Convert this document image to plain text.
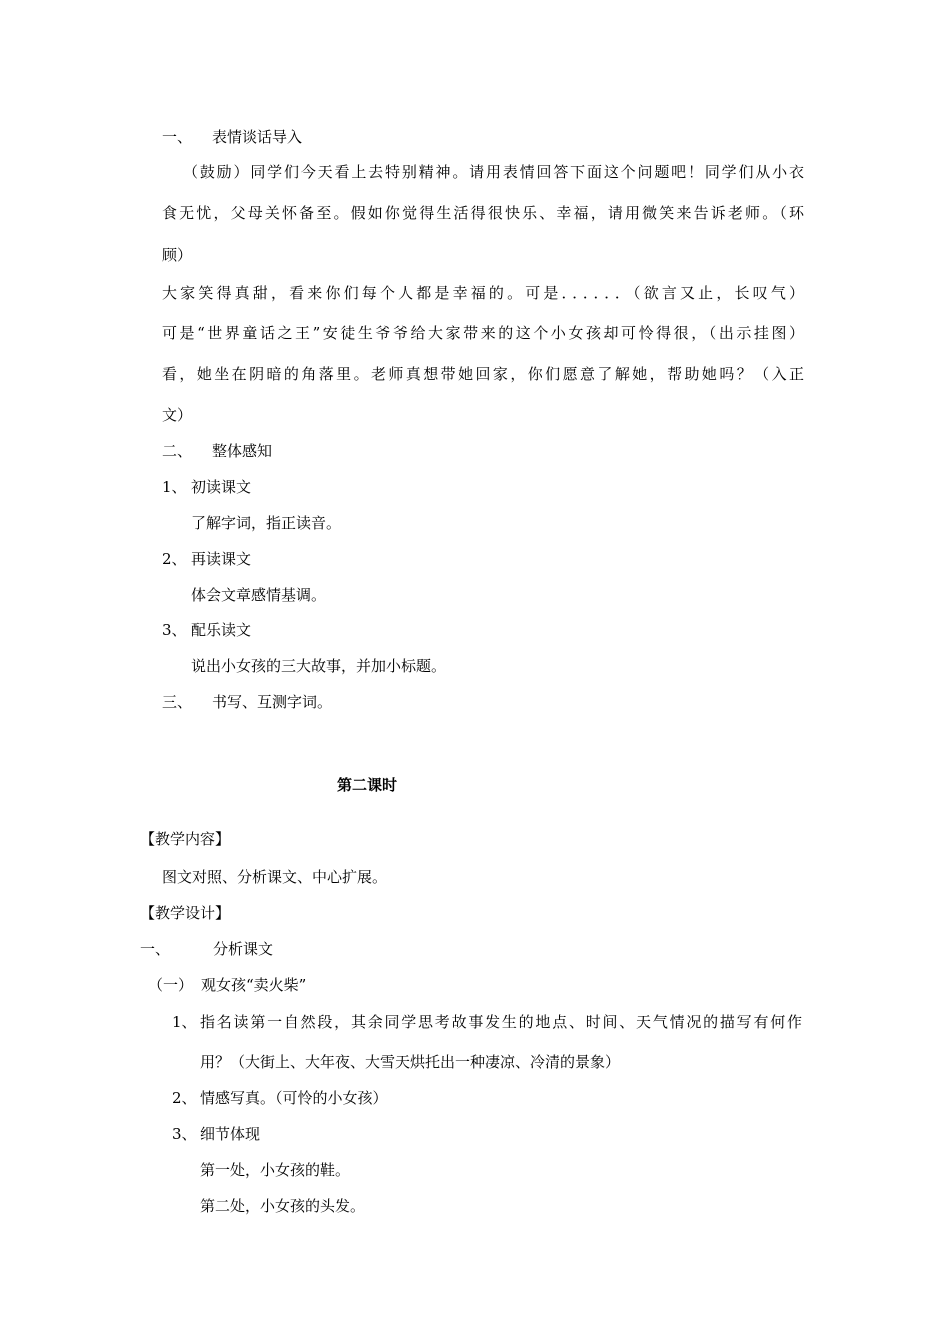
一、 表情谈话导入
（鼓励）同学们今天看上去特别精神。请用表情回答下面这个问题吧！同学们从小衣
食无忧，父母关怀备至。假如你觉得生活得很快乐、幸福，请用微笑来告诉老师。（环
顾）
大家笑得真甜，看来你们每个人都是幸福的。可是．．．．．．（欲言又止，长叹气）
可是“世界童话之王”安徒生爷爷给大家带来的这个小女孩却可怜得很，（出示挂图）
看，她坐在阴暗的角落里。老师真想带她回家，你们愿意了解她，帮助她吗？（入正
文）
二、 整体感知
1、 初读课文
了解字词，指正读音。
2、 再读课文
体会文章感情基调。
3、 配乐读文
说出小女孩的三大故事，并加小标题。
三、 书写、互测字词。
第二课时
【教学内容】
图文对照、分析课文、中心扩展。
【教学设计】
一、	分析课文
（一） 观女孩“卖火柴”
1、 指名读第一自然段，其余同学思考故事发生的地点、时间、天气情况的描写有何作
用？（大街上、大年夜、大雪天烘托出一种凄凉、冷清的景象）
2、 情感写真。（可怜的小女孩）
3、 细节体现
第一处，小女孩的鞋。
第二处，小女孩的头发。
